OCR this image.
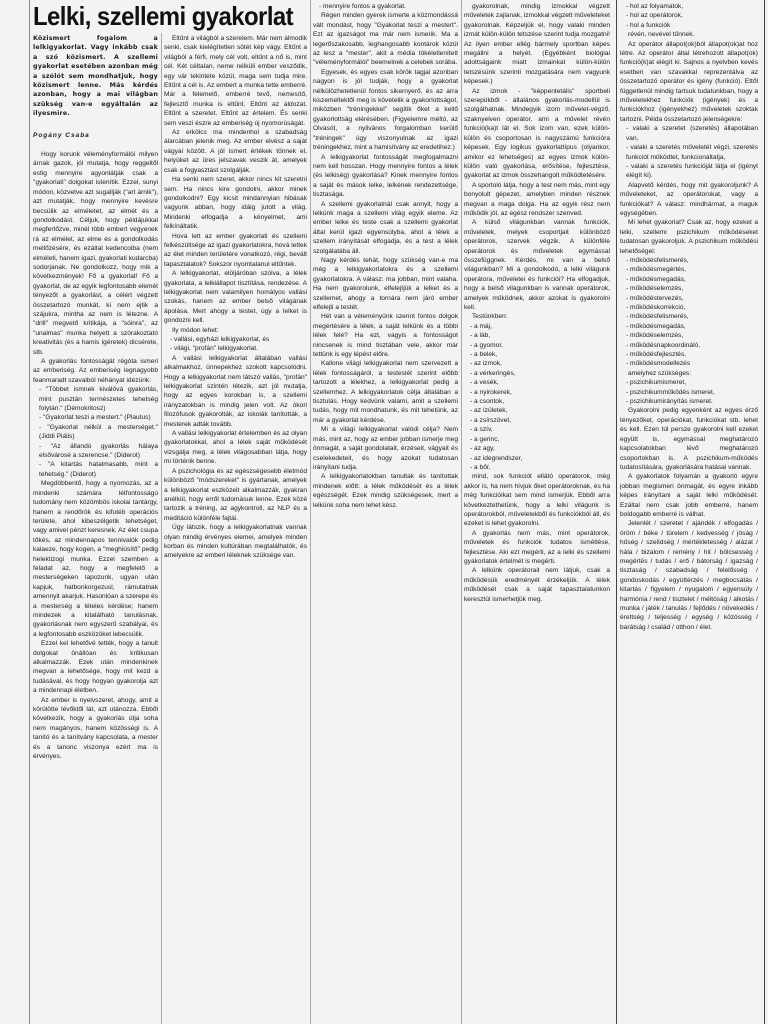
Lelki, szellemi gyakorlat

Közismert fogalom a lelkigyakorlat. Vagy inkább csak a szó közismert. A szellemi gyakorlat esetében azonban még a szólót sem mondhatjuk, hogy közismert lenne. Más kérdés azonban, hogy a mai világban szükség van-e egyáltalán az ilyesmire.

Pogány Csaba

Hogy korunk véleményformálói milyen árnak gazok, jól mutatja, hogy reggeltől estig mennyire agyonlátják csak a "gyakorlati" dolgokat istenítik. Ezzel, sunyi módon, közvetve azt sugallják ("art árnik"), azt mutatják, hogy mennyire kevésre becsülik az elméletet, az elmét és a gondolkodást. Céljuk, hogy példájukkal megfertőzve, minél több embert vegyenek rá az elmélet, az elme és a gondolkodás mellőzésére, és ezáltal kedencoiba (nem elméleti, hanem igazi, gyakorlati kudarcba) sodorjanak. Ne gondolkozz, hogy mik a következmények! Fő a gyakorlat! Fő a gyakorlat, de az egyik legfontosabb elemét tényezőt a gyakorlást, a célért végzett összetartozó munkát, ki nem ejtik a szájukra, mintha az nem is létezne. A "drill" megvető kritikája, a "sóinra", az "unalmas" munka helyett a szórakoztató kreativitás (és a hamis ígéretek) dicsérete, stb.

A gyakorlás fontosságát régóta ismeri az emberiség. Az emberiség legnagyobb feanmaradt szavaiból néhányat idézünk:

- "Többet ismnek kiválóvá gyakorlás, mint pusztán természetes tehetség folytán." (Démokritosz)

- "Gyakorlat teszi a mestert." (Plautus)

- "Gyakorlat nélkül a mesterséget." (Jiddi Piális)

- "Az állandó gyakorlás hálaya elsővárosé a szerencse." (Diderot)

- "A kitartás hatalmasabb, mint a tehetség." (Diderot)

Megdöbbentő, hogy a nyomozás, az a mindenki számára létfontosságú tudomány nem közömbös iskolai tantárgy, hanem a rendőrök és kifutéb operációs területe, ahol kibeszélgetik tehetséget, vagy amivel pénzt keresnek. Az élet csupa tőkés, az mindennapos tennivalók pedig kalaeze, hogy kogen, a "meghiúsítő" pedig helektizogi munka. Ezzel szemben a feladat az, hogy a megfelelő a mesterségeken lapozunk, ugyan után kapjuk, hatbonkorgezusl, rámutatnak amennyit akarjuk. Hasonlóan a szerepe és a mesterség a lételes kérdése; hanem mindezek a kitalálható tanulásnak, gyakorlásnak nem egyszerű szabályai, és a legfontosabb eszközöket lebecsülik.

Ezzel kel lehetővé tették, hogy a tanult dolgokat önállóan és kritikusan alkalmazzák. Ezek után mindenkinek megvan a lehetősége, hogy mit kezd a tudásával, és hogy hogyan gyakorolja azt a mindennapi életben.

Az ember is nyelvszeret, ahogy, amit a körülötte lévőktől lát, azt utánozza. Ebből következik, hogy a gyakorlás útja soha nem magányos, hanem közösségi is. A tanító és a tanítvány kapcsolata, a mester és a tanonc viszonya ezért ma is érvényes.

Eltűnt a világból a szerelem. Már nem álmodik senki, csak kielégítetlen sötét kép vágy. Eltűnt a világból a férfi, mely cél volt, eltűnt a nő is, mint cél. Két céltalan, neme nélküli ember vesződik, egy vár tekintete közül, maga sem tudja mire. Eltűnt a cél is. Az embert a munka tette emberré. Már a felemelő, emberré tevő, nemesítő, fejlesztő munka is eltűnt. Eltűnt az áldozat. Eltűnt a szeretet. Eltűnt az értelem. És senki sem veszi észre az emberiség új nyomorúságát.

Az erkölcs ma mindenhol a szabadság álarcában jelenik meg. Az ember elvész a saját vágyai között. A jól ismert értékek tűnnek el, helyüket az üres jelszavak veszik át, amelyek csak a fogyasztást szolgálják.

Ha senki nem szeret, akkor nincs kit szeretni sem. Ha nincs kire gondolni, akkor minek gondolkodni? Egy kicsit mindannyian hibásak vagyunk abban, hogy idáig jutott a világ. Mindenki elfogadja a kényelmet, ami felkínáltatik.

Hová lett az ember gyakorlati és szellemi felkészültsége az igazi gyakorlatokra, hová lettek az élet minden területére vonatkozó, régi, bevált tapasztalatok? Sokszor nyomtalanul eltűntek.

A lelkigyakorlat, elöljáróban szólva, a lélek gyakorlata, a lelkiállapot tisztítása, rendezése. A lelkigyakorlat nem valamilyen homályos vallási szokás, hanem az ember belső világának ápolása. Mert ahogy a testet, úgy a lelket is gondozni kell.

Ily módon lehet:

- vallási, egyházi lelkigyakorlat, és

- világi, "profán" lelkigyakorlat.

A vallási lelkigyakorlat általában vallási alkalmakhoz, ünnepekhez szokott kapcsolódni. Hogy a lelkigyakorlat nem látszó vallás, "profán" lelkigyakorlat szintén létezik, azt jól mutatja, hogy az egyes korokban is, a szellemi irányzatokban is mindig jelen volt. Az ókori filozófusok gyakorolták, az iskolák tanították, a mesterek adták tovább.

A vallási lelkigyakorlat értelemben és az olyan gyakorlatokkal, ahol a lélek saját működését vizsgálja meg, a lélek világosabban látja, hogy mi történik benne.

A pszichológia és az egészségesebb életmód különböző "módszereket" is gyártanak, amelyek a lelkigyakorlat eszközeit alkalmazzák, gyakran anélkül, hogy erről tudomásuk lenne. Ezek közé tartozik a tréning, az agykontroll, az NLP és a meditáció különféle fajtái.

Úgy látszik, hogy a lelkigyakorlatnak vannak olyan mindig érvényes elemei, amelyek minden korban és minden kultúrában megtalálhatók, és amelyekre az emberi léleknek szüksége van.

- mennyire fontos a gyakorlat.

Régen minden gyerek ismerte a közmondássá vált mondást, hogy "Gyakorlat teszi a mestert". Ezt az igazságot ma már nem ismerik. Ma a legerőszakosabb, leghangosabb kontárok közül az lesz a "mester", akit a média tökéletlenített "véleményformálói" beemelnek a celebek sorába.

Egyesek, és egyes csak körök tagjai azonban nagyon is jól tudják, hogy a gyakorlat nélkülözhetetlenül fontos sikernyerő, és az arra kiszemeltektől meg is követelik a gyakorlottságot, miközben "tréningekkel" segítik őket a kellő gyakorlottság elérésében. (Figyelemre méltó, az Olvasót, a nyilvános forgalomban kerülő "tréningek" úgy viszonyulnak az igazi tréningekhez, mint a hamisítvány az eredetihez.)

A lelkigyakorlat fontosságát megfogalmazni nem kell hosszan. Hogy mennyire fontos a lélek (és lelkiség) gyakorlása? Kinek mennyire fontos a saját és mások lelke, lelkének rendezettsége, tisztasága.

A szellemi gyakorlatnál csak annyit, hogy a lelkünk maga a szellemi világ egyik eleme. Az ember lelke és teste csak a szellemi gyakorlat által kerül igazi egyensúlyba, ahol a lélek a szellem irányítását elfogadja, és a test a lélek szolgálatába áll.

Nagy kérdés tehát, hogy szükség van-e ma még a lelkigyakorlatokra és a szellemi gyakorlatokra. A válasz: ma jobban, mint valaha. Ha nem gyakorolunk, elfelejtjük a lelket és a szellemet, ahogy a tornára nem járó ember elfelejti a testét.

Hét van a véleményünk szerint fontos dolgok megértésére a lélek, a saját lelkünk és a többi lélek felé? Ha ezt, vagyis a fontosságot nincsenek is mind tisztában vele, akkor már tettünk is egy lépést előre.

Kallone világi lelkigyakorlat nem szervezett a lélek fontosságáról, a testeslét szerint előbb tartozott a lélekhez, a lelkigyakorlat pedig a szellemhez. A lelkigyakorlatok célja általában a tisztulás. Hogy kedvünk valami, amit a szellemi tudás, hogy mit mondhatunk, és mit tehetünk, az már a gyakorlat kérdése.

Mi a világi lelkigyakorlat valódi célja? Nem más, mint az, hogy az ember jobban ismerje meg önmagát, a saját gondolatait, érzéseit, vágyait és cselekedeteit, és hogy azokat tudatosan irányítani tudja.

A lelkigyakorlatokban tanultak és tanítottak mindenek előtt: a lélek működését és a lélek egészségét. Ezek mindig szükségesek, mert a lelkünk soha nem lehet kész.

gyakorolnak, mindig izmokkal végzett műveletek zajlanak, izmokkal végzett műveleteket gyakorolnak. Képzeljük el, hogy valaki minden izmát külön-külön tetszése szerint tudja mozgatni! Az ilyen ember ellég bármely sportban képes megállni a helyét. (Egyébként biológiai adottságaink miatt izmainkat külön-külön tetszésünk szerinti mozgatására nem vagyunk képesek.)

Az izmok - "képpentetális" sportbeli szerepükből - általános gyakorlás-modellül is szolgálhatnak. Mindegyik izom művelet-végző, szaknyelven operátor, ami a művelet révén funkció(ka)t lát el. Sok izom van, ezek külön-külön és csoportosan is nagyszámú funkcióra képesek. Egy logikus gyakorlattípus (olyankor, amikor ez lehetséges) az egyes izmok külön-külön való gyakorlása, erősítése, fejlesztése, gyakorlat az izmok összehangolt működtetésére.

A sportoló látja, hogy a test nem más, mint egy bonyolult gépezet, amelyben minden résznek megvan a maga dolga. Ha az egyik rész nem működik jól, az egész rendszer szenved.

A külső világunkban vannak funkciók, műveletek, melyek csoportjait különböző operátorok, szervek végzik. A különféle operátorok és műveletek egymással összefüggnek. Kérdés, mi van a belső világunkban? Mi a gondolkodó, a lelki világunk operátora, műveletei és funkciói? Ha elfogadjuk, hogy a belső világunkban is vannak operátorok, amelyek működnek, akkor azokat is gyakorolni kell.

Testünkben:

- a máj,

- a láb,

- a gyomor,

- a belek,

- az izmok,

- a vérkeringés,

- a vesék,

- a nyirokerek,

- a csontok,

- az ízületek,

- a zsírszövet,

- a szív,

- a gerinc,

- az agy,

- az idegrendszer,

- a bőr,

mind, sok funkciót ellátó operátorok, még akkor is, ha nem hívjuk őket operátoroknak, és ha még funkcióikat sem mind ismerjük. Ebből arra következtethetünk, hogy a lelki világunk is operátorokból, műveletekből és funkciókból áll, és ezeket is lehet gyakorolni.

A gyakorlás nem más, mint operátorok, műveletek és funkciók tudatos ismétlése, fejlesztése. Aki ezt megérti, az a lelki és szellemi gyakorlatok értelmét is megérti.

A lelkünk operátorait nem látjuk, csak a működésük eredményét érzékeljük. A lélek működését csak a saját tapasztalatunkon keresztül ismerhetjük meg.

- hol az folyamatok,

- hol az operátorok,

- hol a funkciók

révén, nevével tűnnek.

Az operátor állapot(ok)ból állapot(ok)at hoz létre. Az operátor által létrehozott állapot(ok) funkció(k)at elégít ki. Sajnos a nyelvben kevés esetben van szavakkal reprezentálva az összetartozó operátor és igény (funkció). Ettől függetlenül mindig tartsuk tudatunkban, hogy a műveletekhez funkciók (igények) és a funkciókhoz (igényekhez) műveletek szoktak tartozni. Példa összetartozó jelenségekre:

- valaki a szeretet (szeretés) állapotában van,

- valaki a szeretés műveletét végzi, szeretés funkciót működtet, funkcionáltatja,

- valaki a szeretés funkcióját látja el (igényt elégít ki).

Alapvető kérdés, hogy mit gyakoroljunk? A műveleteket, az operátorokat, vagy a funkciókat? A válasz: mindhármat, a maguk egységében.

Mi lehet gyakorlat? Csak az, hogy ezeket a lelki, szellemi pszichikum működéseket tudatosan gyakoroljuk. A pszichikum működési lehetőségei:

- működésfelismerés,

- működésmegértés,

- működésmegadás,

- működéselemzés,

- működéstervezés,

- működéskorrekció,

- működésfelismerés,

- működésmegadás,

- működéselemzés,

- működésnapkoordináló,

- működésfejlesztés,

- működésmodellezés

amelyhez szükséges:

- pszichikumismeret,

- pszichikumműködés ismeret,

- pszichikumirányítás ismeret.

Gyakorolni pedig egyenként az egyes érző tényezőket, operációkat, funkciókat stb. lehet és kell. Ezen túl persze gyakorolni kell ezeket együtt is, egymással meghatározó kapcsolatokban lévő meghatározó csoportokban is. A pszichikum-működés tudatosítására, gyakorlására hatásai vannak.

A gyakorlatok folyamán a gyakorló egyre jobban megismeri önmagát, és egyre inkább képes irányítani a saját lelki működését. Ezáltal nem csak jobb emberré, hanem boldogabb emberré is válhat.

Jelenlét / szeretet / ajándék / elfogadás / öröm / béke / türelem / kedvesség / jóság / hűség / szelídség / mértékletesség / alázat / hála / bizalom / remény / hit / bölcsesség / megértés / tudás / erő / bátorság / igazság / tisztaság / szabadság / felelősség / gondoskodás / együttérzés / megbocsátás / kitartás / figyelem / nyugalom / egyensúly / harmónia / rend / tisztelet / méltóság / alkotás / munka / játék / tanulás / fejlődés / növekedés / érettség / teljesség / egység / közösség / barátság / család / otthon / élet.
